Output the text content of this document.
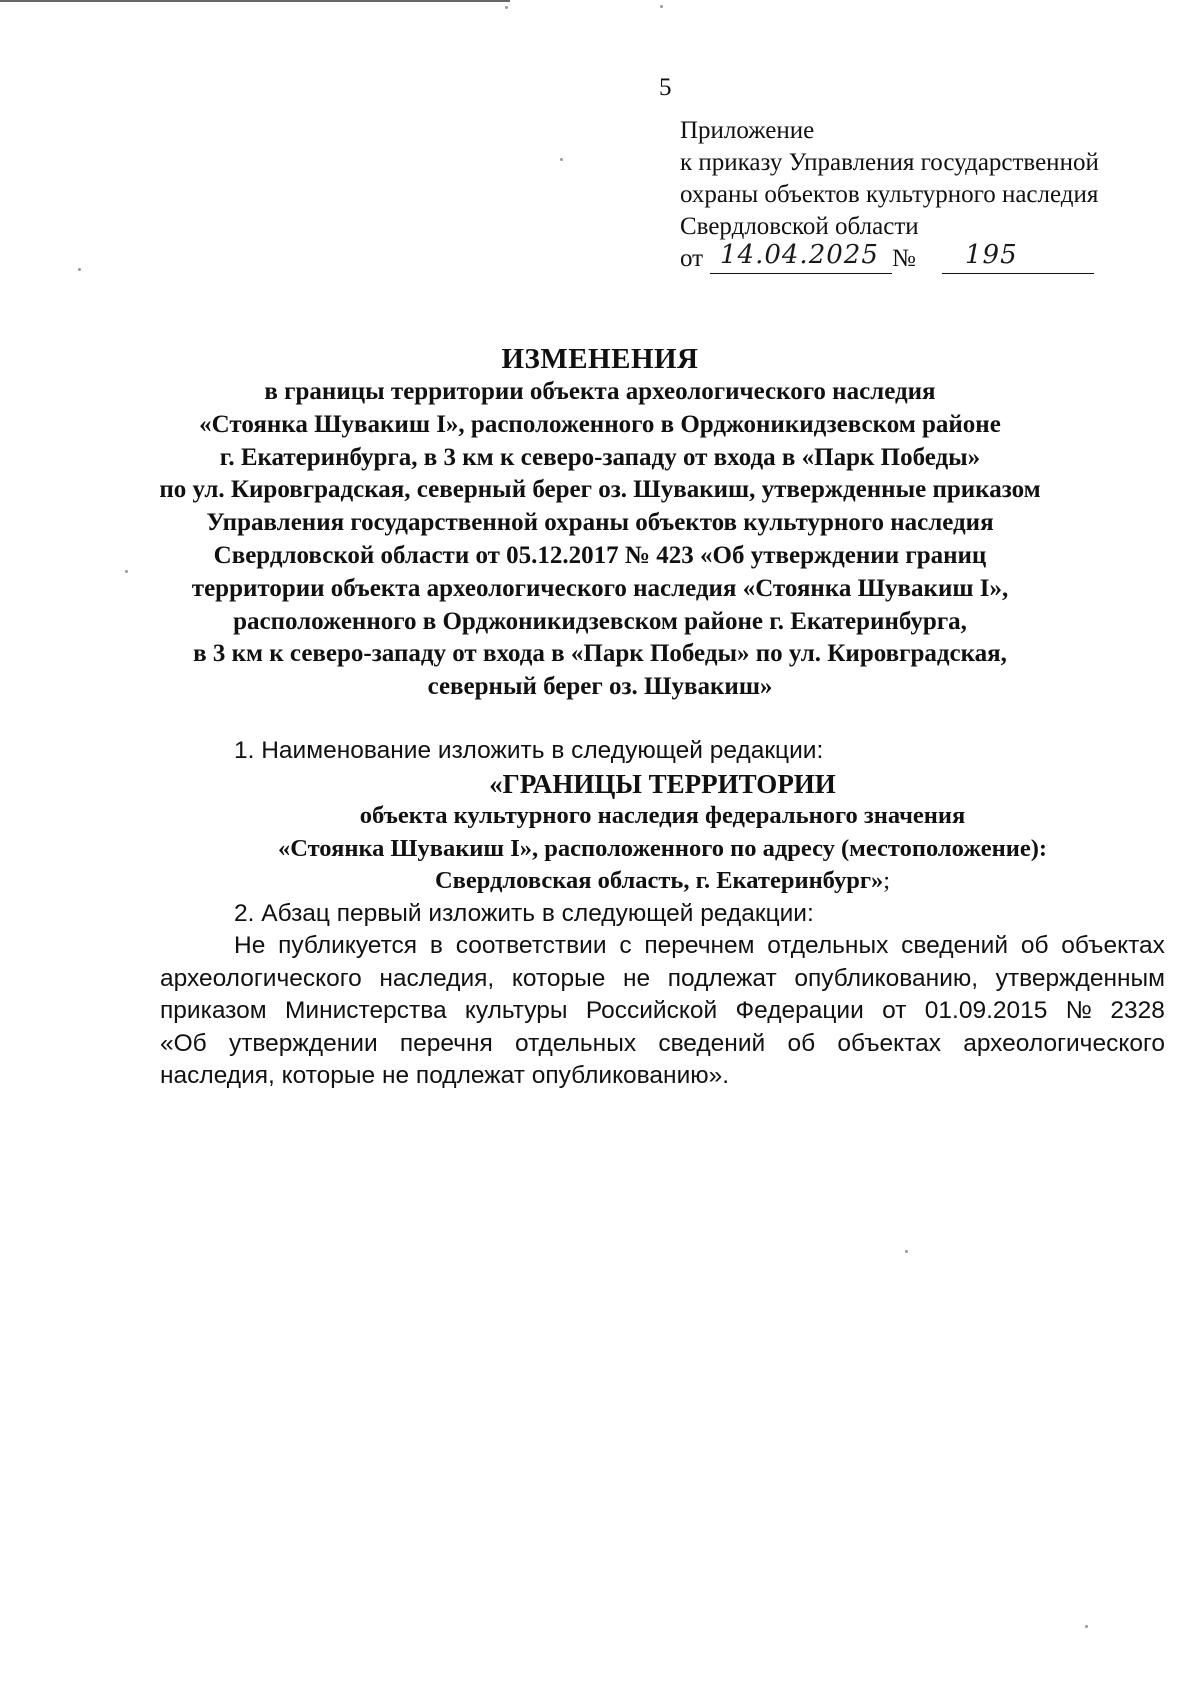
5
Приложение
к приказу Управления государственной
охраны объектов культурного наследия
Свердловской области
от 14.04.2025 № 195
ИЗМЕНЕНИЯ
в границы территории объекта археологического наследия
«Стоянка Шувакиш I», расположенного в Орджоникидзевском районе
г. Екатеринбурга, в 3 км к северо-западу от входа в «Парк Победы»
по ул. Кировградская, северный берег оз. Шувакиш, утвержденные приказом
Управления государственной охраны объектов культурного наследия
Свердловской области от 05.12.2017 № 423 «Об утверждении границ
территории объекта археологического наследия «Стоянка Шувакиш I»,
расположенного в Орджоникидзевском районе г. Екатеринбурга,
в 3 км к северо-западу от входа в «Парк Победы» по ул. Кировградская,
северный берег оз. Шувакиш»
1. Наименование изложить в следующей редакции:
«ГРАНИЦЫ ТЕРРИТОРИИ
объекта культурного наследия федерального значения
«Стоянка Шувакиш I», расположенного по адресу (местоположение):
Свердловская область, г. Екатеринбург»;
2. Абзац первый изложить в следующей редакции:
Не публикуется в соответствии с перечнем отдельных сведений об объектах
археологического наследия, которые не подлежат опубликованию, утвержденным
приказом Министерства культуры Российской Федерации от 01.09.2015 № 2328
«Об утверждении перечня отдельных сведений об объектах археологического
наследия, которые не подлежат опубликованию».
